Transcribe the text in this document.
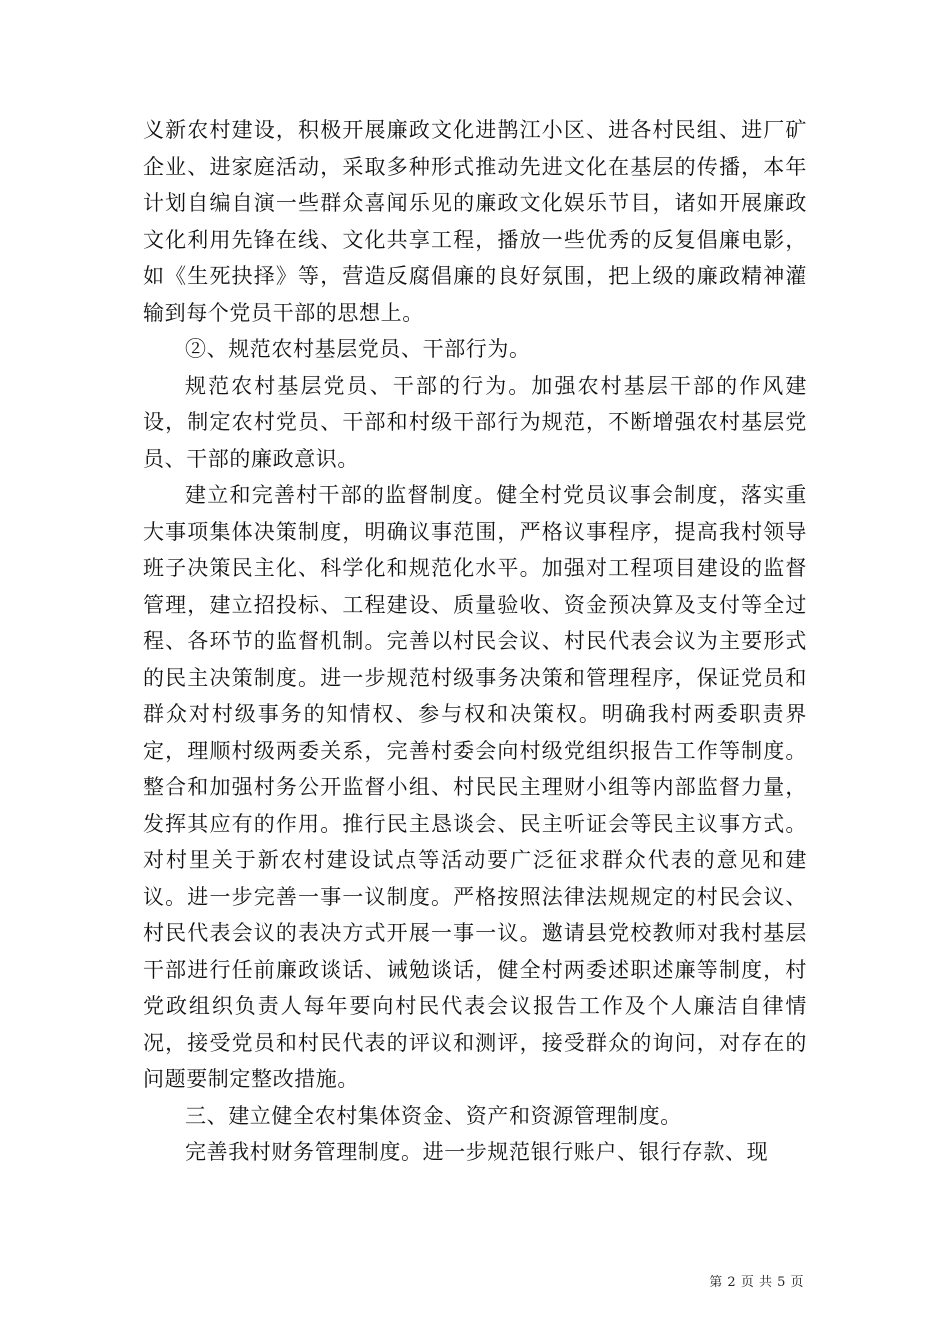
义新农村建设，积极开展廉政文化进鹊江小区、进各村民组、进厂矿企业、进家庭活动，采取多种形式推动先进文化在基层的传播，本年计划自编自演一些群众喜闻乐见的廉政文化娱乐节目，诸如开展廉政文化利用先锋在线、文化共享工程，播放一些优秀的反复倡廉电影，如《生死抉择》等，营造反腐倡廉的良好氛围，把上级的廉政精神灌输到每个党员干部的思想上。

②、规范农村基层党员、干部行为。

规范农村基层党员、干部的行为。加强农村基层干部的作风建设，制定农村党员、干部和村级干部行为规范，不断增强农村基层党员、干部的廉政意识。

建立和完善村干部的监督制度。健全村党员议事会制度，落实重大事项集体决策制度，明确议事范围，严格议事程序，提高我村领导班子决策民主化、科学化和规范化水平。加强对工程项目建设的监督管理，建立招投标、工程建设、质量验收、资金预决算及支付等全过程、各环节的监督机制。完善以村民会议、村民代表会议为主要形式的民主决策制度。进一步规范村级事务决策和管理程序，保证党员和群众对村级事务的知情权、参与权和决策权。明确我村两委职责界定，理顺村级两委关系，完善村委会向村级党组织报告工作等制度。整合和加强村务公开监督小组、村民民主理财小组等内部监督力量，发挥其应有的作用。推行民主恳谈会、民主听证会等民主议事方式。对村里关于新农村建设试点等活动要广泛征求群众代表的意见和建议。进一步完善一事一议制度。严格按照法律法规规定的村民会议、村民代表会议的表决方式开展一事一议。邀请县党校教师对我村基层干部进行任前廉政谈话、诫勉谈话，健全村两委述职述廉等制度，村党政组织负责人每年要向村民代表会议报告工作及个人廉洁自律情况，接受党员和村民代表的评议和测评，接受群众的询问，对存在的问题要制定整改措施。

三、建立健全农村集体资金、资产和资源管理制度。

完善我村财务管理制度。进一步规范银行账户、银行存款、现

第 2 页 共 5 页
